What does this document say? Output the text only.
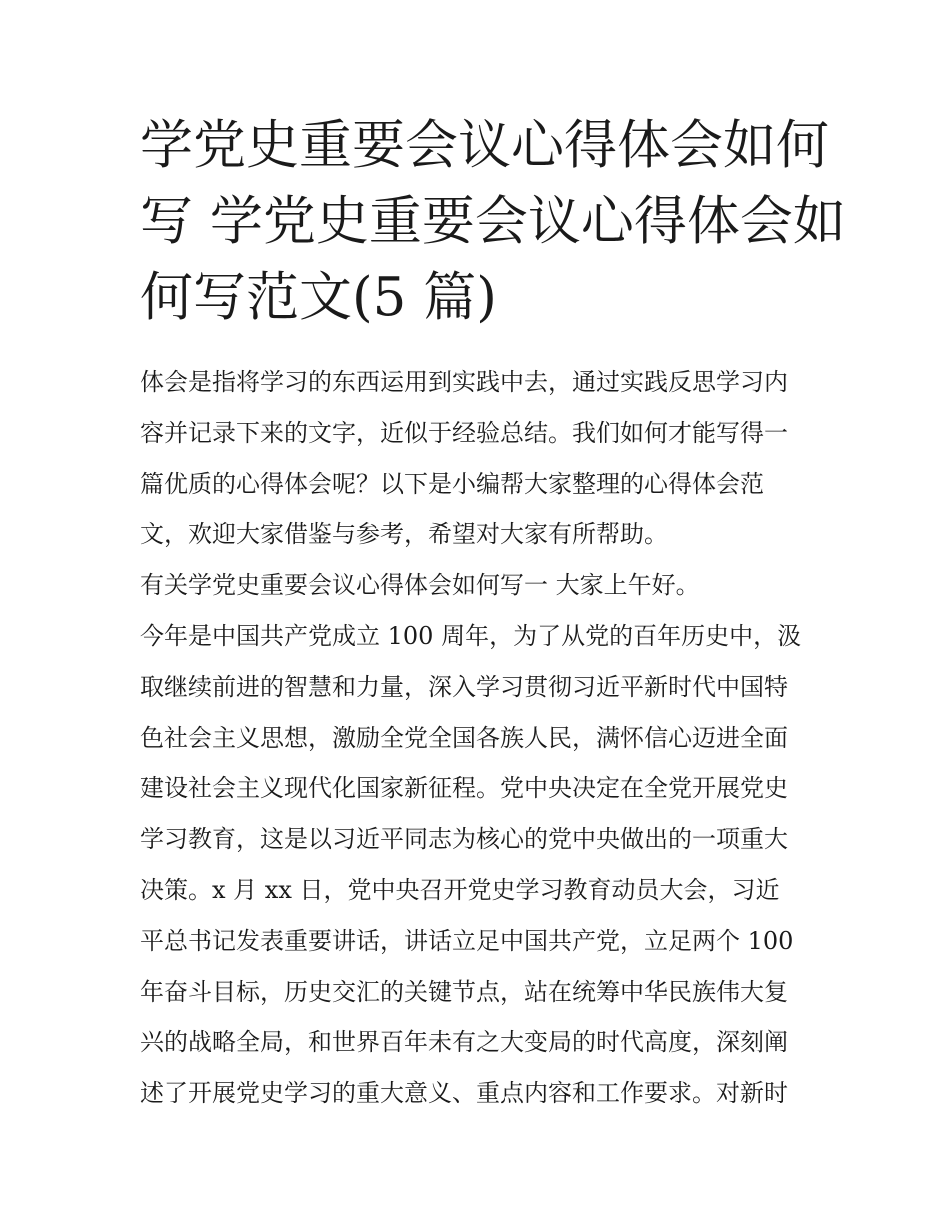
学党史重要会议心得体会如何
写 学党史重要会议心得体会如
何写范文(5 篇)
体会是指将学习的东西运用到实践中去，通过实践反思学习内
容并记录下来的文字，近似于经验总结。我们如何才能写得一
篇优质的心得体会呢？以下是小编帮大家整理的心得体会范
文，欢迎大家借鉴与参考，希望对大家有所帮助。
有关学党史重要会议心得体会如何写一 大家上午好。
今年是中国共产党成立 100 周年，为了从党的百年历史中，汲
取继续前进的智慧和力量，深入学习贯彻习近平新时代中国特
色社会主义思想，激励全党全国各族人民，满怀信心迈进全面
建设社会主义现代化国家新征程。党中央决定在全党开展党史
学习教育，这是以习近平同志为核心的党中央做出的一项重大
决策。x 月 xx 日，党中央召开党史学习教育动员大会，习近
平总书记发表重要讲话，讲话立足中国共产党，立足两个 100
年奋斗目标，历史交汇的关键节点，站在统筹中华民族伟大复
兴的战略全局，和世界百年未有之大变局的时代高度，深刻阐
述了开展党史学习的重大意义、重点内容和工作要求。对新时
